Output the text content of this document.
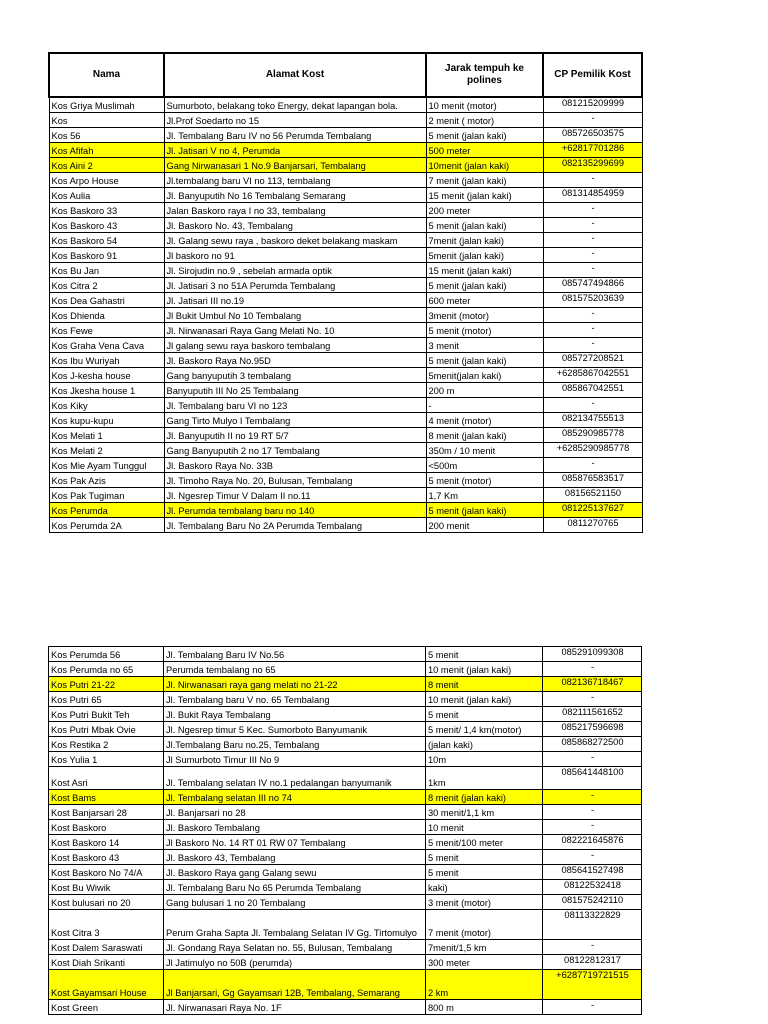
Nama	Alamat Kost	Jarak tempuh ke polines	CP Pemilik Kost
Kos Griya Muslimah	Sumurboto, belakang toko Energy, dekat lapangan bola.	10 menit (motor)	081215209999
Kos	Jl.Prof Soedarto no 15	2 menit ( motor)	-
Kos 56	Jl. Tembalang Baru IV no 56 Perumda Tembalang	5 menit (jalan kaki)	085726503575
Kos Afifah	Jl. Jatisari V no 4, Perumda	500 meter	+62817701286
Kos Aini 2	Gang Nirwanasari 1 No.9 Banjarsari, Tembalang	10menit (jalan kaki)	082135299699
Kos Arpo House	Jl.tembalang baru VI no 113, tembalang	7 menit (jalan kaki)	-
Kos Aulia	Jl. Banyuputih No 16 Tembalang Semarang	15 menit (jalan kaki)	081314854959
Kos Baskoro 33	Jalan Baskoro raya I no 33, tembalang	200 meter	-
Kos Baskoro 43	Jl. Baskoro No. 43, Tembalang	5 menit (jalan kaki)	-
Kos Baskoro 54	Jl. Galang sewu raya , baskoro deket belakang maskam	7menit (jalan kaki)	-
Kos Baskoro 91	Jl baskoro no 91	5menit (jalan kaki)	-
Kos Bu Jan	Jl. Sirojudin no.9 , sebelah armada optik	15 menit (jalan kaki)	-
Kos Citra 2	Jl. Jatisari 3 no 51A Perumda Tembalang	5 menit (jalan kaki)	085747494866
Kos Dea Gahastri	Jl. Jatisari III no.19	600 meter	081575203639
Kos Dhienda	Jl Bukit Umbul No 10 Tembalang	3menit (motor)	-
Kos Fewe	Jl. Nirwanasari Raya Gang Melati No. 10	5 menit (motor)	-
Kos Graha Vena Cava	Jl galang sewu raya baskoro tembalang	3 menit	-
Kos Ibu Wuriyah	Jl. Baskoro Raya No.95D	5 menit (jalan kaki)	085727208521
Kos J-kesha house	Gang banyuputih 3 tembalang	5menit(jalan kaki)	+6285867042551
Kos Jkesha house 1	Banyuputih III No 25 Tembalang	200 m	085867042551
Kos Kiky	Jl. Tembalang baru VI no 123	-	-
Kos kupu-kupu	Gang Tirto Mulyo I Tembalang	4 menit (motor)	082134755513
Kos Melati 1	Jl. Banyuputih II no 19 RT 5/7	8 menit (jalan kaki)	085290985778
Kos Melati 2	Gang Banyuputih 2 no 17 Tembalang	350m / 10 menit	+6285290985778
Kos Mie Ayam Tunggul	Jl. Baskoro Raya No. 33B	<500m	-
Kos Pak Azis	Jl. Timoho Raya No. 20, Bulusan, Tembalang	5 menit (motor)	085876583517
Kos Pak Tugiman	Jl. Ngesrep Timur V Dalam II no.11	1,7 Km	08156521150
Kos Perumda	Jl. Perumda tembalang baru no 140	5 menit (jalan kaki)	081225137627
Kos Perumda 2A	Jl. Tembalang Baru No 2A Perumda Tembalang	200 menit	0811270765
Kos Perumda 56	Jl. Tembalang Baru IV No.56	5 menit	085291099308
Kos Perumda no 65	Perumda tembalang no 65	10 menit (jalan kaki)	-
Kos Putri 21-22	Jl. Nirwanasari raya gang melati no 21-22	8 menit	082136718467
Kos Putri 65	Jl. Tembalang baru V no. 65 Tembalang	10 menit (jalan kaki)	-
Kos Putri Bukit Teh	Jl. Bukit Raya Tembalang	5 menit	082111561652
Kos Putri Mbak Ovie	Jl. Ngesrep timur 5 Kec. Sumorboto Banyumanik	5 menit/ 1,4 km(motor)	085217596698
Kos Restika 2	Jl.Tembalang Baru no.25, Tembalang	(jalan kaki)	085868272500
Kos Yulia 1	Jl Sumurboto Timur III No 9	10m	-
Kost Asri	Jl. Tembalang selatan IV no.1 pedalangan banyumanik	1km	085641448100
Kost Bams	Jl. Tembalang selatan III no 74	8 menit (jalan kaki)	-
Kost Banjarsari 28	Jl. Banjarsari no 28	30 menit/1,1 km	-
Kost Baskoro	Jl. Baskoro Tembalang	10 menit	-
Kost Baskoro 14	Jl Baskoro No. 14 RT 01 RW 07 Tembalang	5 menit/100 meter	082221645876
Kost Baskoro 43	Jl. Baskoro 43, Tembalang	5 menit	-
Kost Baskoro No 74/A	Jl. Baskoro Raya gang Galang sewu	5 menit	085641527498
Kost Bu Wiwik	Jl. Tembalang Baru No 65 Perumda Tembalang	kaki)	08122532418
Kost bulusari no 20	Gang bulusari 1 no 20 Tembalang	3 menit (motor)	081575242110
Kost Citra 3	Perum Graha Sapta Jl. Tembalang Selatan IV Gg. Tirtomulyo	7 menit (motor)	08113322829
Kost Dalem Saraswati	Jl. Gondang Raya Selatan no. 55, Bulusan, Tembalang	7menit/1,5 km	-
Kost Diah Srikanti	Jl Jatimulyo no 50B (perumda)	300 meter	08122812317
Kost Gayamsari House	Jl Banjarsari, Gg Gayamsari 12B, Tembalang, Semarang	2 km	+6287719721515
Kost Green	Jl. Nirwanasari Raya No. 1F	800 m	-
